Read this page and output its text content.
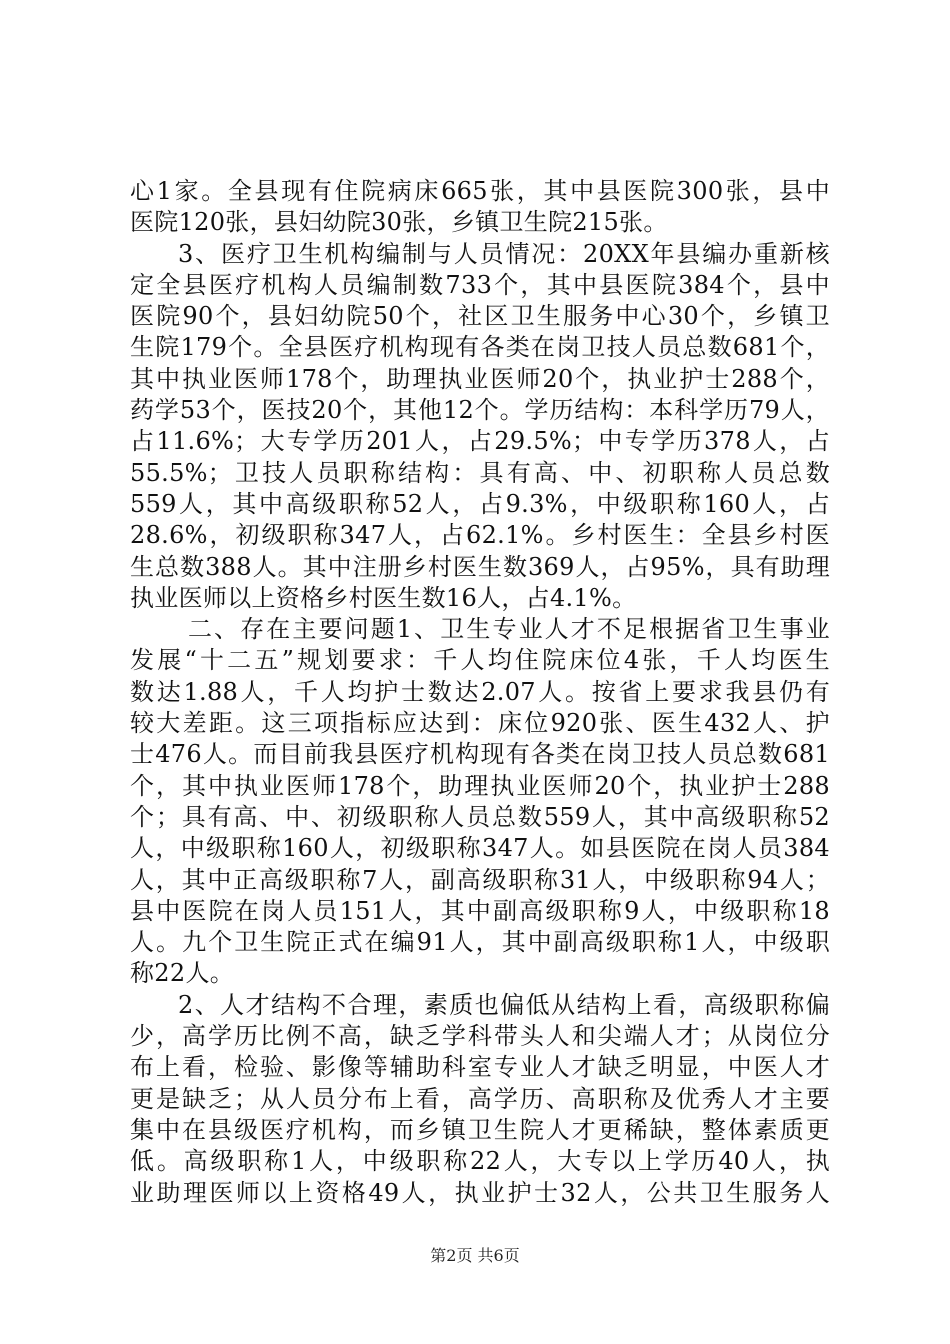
心1家。全县现有住院病床665张，其中县医院300张，县中
医院120张，县妇幼院30张，乡镇卫生院215张。
3、医疗卫生机构编制与人员情况：20XX年县编办重新核
定全县医疗机构人员编制数733个，其中县医院384个，县中
医院90个，县妇幼院50个，社区卫生服务中心30个，乡镇卫
生院179个。全县医疗机构现有各类在岗卫技人员总数681个，
其中执业医师178个，助理执业医师20个，执业护士288个，
药学53个，医技20个，其他12个。学历结构：本科学历79人，
占11.6%；大专学历201人，占29.5%；中专学历378人，占
55.5%；卫技人员职称结构：具有高、中、初职称人员总数
559人，其中高级职称52人，占9.3%，中级职称160人，占
28.6%，初级职称347人，占62.1%。乡村医生：全县乡村医
生总数388人。其中注册乡村医生数369人，占95%，具有助理
执业医师以上资格乡村医生数16人，占4.1%。
二、存在主要问题1、卫生专业人才不足根据省卫生事业
发展“十二五”规划要求：千人均住院床位4张，千人均医生
数达1.88人，千人均护士数达2.07人。按省上要求我县仍有
较大差距。这三项指标应达到：床位920张、医生432人、护
士476人。而目前我县医疗机构现有各类在岗卫技人员总数681
个，其中执业医师178个，助理执业医师20个，执业护士288
个；具有高、中、初级职称人员总数559人，其中高级职称52
人，中级职称160人，初级职称347人。如县医院在岗人员384
人，其中正高级职称7人，副高级职称31人，中级职称94人；
县中医院在岗人员151人，其中副高级职称9人，中级职称18
人。九个卫生院正式在编91人，其中副高级职称1人，中级职
称22人。
2、人才结构不合理，素质也偏低从结构上看，高级职称偏
少，高学历比例不高，缺乏学科带头人和尖端人才；从岗位分
布上看，检验、影像等辅助科室专业人才缺乏明显，中医人才
更是缺乏；从人员分布上看，高学历、高职称及优秀人才主要
集中在县级医疗机构，而乡镇卫生院人才更稀缺，整体素质更
低。高级职称1人，中级职称22人，大专以上学历40人，执
业助理医师以上资格49人，执业护士32人，公共卫生服务人
第2页 共6页
